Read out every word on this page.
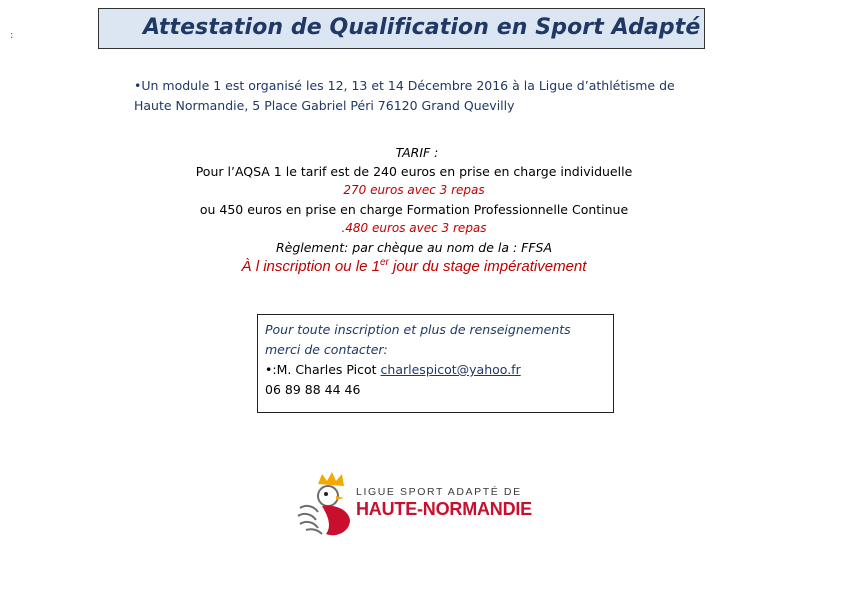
:	Attestation de Qualification en Sport Adapté
•Un module 1 est organisé les 12, 13 et 14 Décembre 2016 à la Ligue d’athlétisme de
Haute Normandie, 5 Place Gabriel Péri 76120 Grand Quevilly
TARIF :
Pour l’AQSA 1 le tarif est de 240 euros en prise en charge individuelle
270 euros avec 3 repas
ou 450 euros en prise en charge Formation Professionnelle Continue
.480 euros avec 3 repas
Règlement: par chèque au nom de la : FFSA
À l inscription ou le 1er jour du stage impérativement
Pour toute inscription et plus de renseignements
merci de contacter:
•:M. Charles Picot charlespicot@yahoo.fr
06 89 88 44 46
LIGUE SPORT ADAPTÉ DE
HAUTE-NORMANDIE
